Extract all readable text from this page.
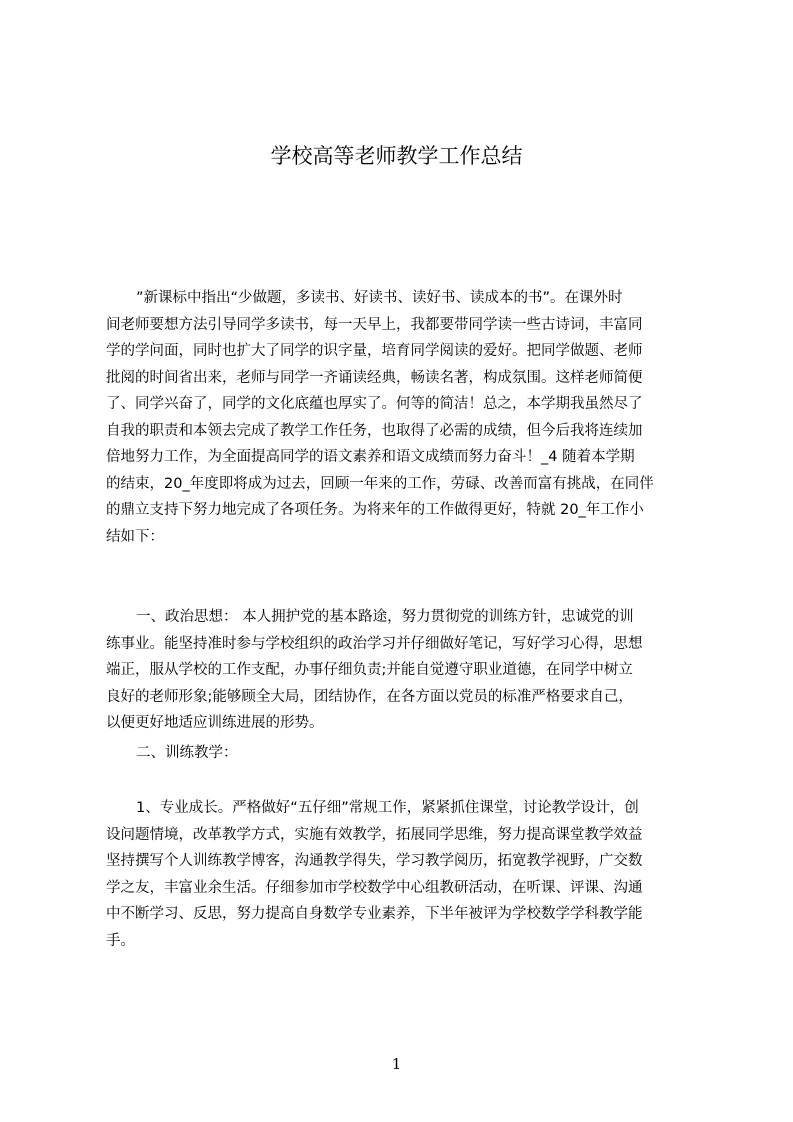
学校高等老师教学工作总结
”新课标中指出“少做题，多读书、好读书、读好书、读成本的书”。在课外时
间老师要想方法引导同学多读书，每一天早上，我都要带同学读一些古诗词，丰富同
学的学问面，同时也扩大了同学的识字量，培育同学阅读的爱好。把同学做题、老师
批阅的时间省出来，老师与同学一齐诵读经典，畅读名著，构成氛围。这样老师简便
了、同学兴奋了，同学的文化底蕴也厚实了。何等的简洁！总之，本学期我虽然尽了
自我的职责和本领去完成了教学工作任务，也取得了必需的成绩，但今后我将连续加
倍地努力工作，为全面提高同学的语文素养和语文成绩而努力奋斗！_4 随着本学期
的结束，20_年度即将成为过去，回顾一年来的工作，劳碌、改善而富有挑战，在同伴
的鼎立支持下努力地完成了各项任务。为将来年的工作做得更好，特就 20_年工作小
结如下：
一、政治思想： 本人拥护党的基本路途，努力贯彻党的训练方针，忠诚党的训
练事业。能坚持准时参与学校组织的政治学习并仔细做好笔记，写好学习心得，思想
端正，服从学校的工作支配，办事仔细负责;并能自觉遵守职业道德，在同学中树立
良好的老师形象;能够顾全大局，团结协作，在各方面以党员的标准严格要求自己，
以便更好地适应训练进展的形势。
二、训练教学：
1、专业成长。严格做好“五仔细”常规工作，紧紧抓住课堂，讨论教学设计，创
设问题情境，改革教学方式，实施有效教学，拓展同学思维，努力提高课堂教学效益
坚持撰写个人训练教学博客，沟通教学得失，学习教学阅历，拓宽教学视野，广交数
学之友，丰富业余生活。仔细参加市学校数学中心组教研活动，在听课、评课、沟通
中不断学习、反思，努力提高自身数学专业素养，下半年被评为学校数学学科教学能
手。
1
